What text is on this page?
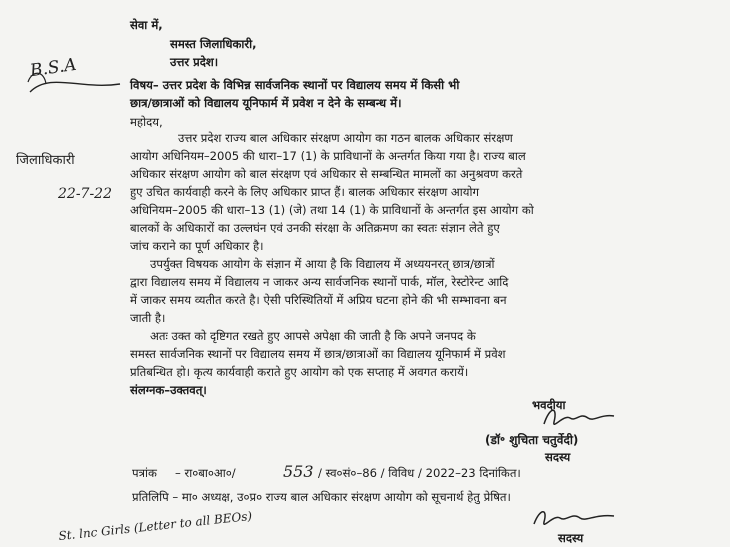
सेवा में,
समस्त जिलाधिकारी,
उत्तर प्रदेश।
B.S.A
जिलाधिकारी
22-7-22
विषय– उत्तर प्रदेश के विभिन्न सार्वजनिक स्थानों पर विद्यालय समय में किसी भी
छात्र/छात्राओं को विद्यालय यूनिफार्म में प्रवेश न देने के सम्बन्ध में।
महोदय,
उत्तर प्रदेश राज्य बाल अधिकार संरक्षण आयोग का गठन बालक अधिकार संरक्षण
आयोग अधिनियम–2005 की धारा–17 (1) के प्राविधानों के अन्तर्गत किया गया है। राज्य बाल
अधिकार संरक्षण आयोग को बाल संरक्षण एवं अधिकार से सम्बन्धित मामलों का अनुश्रवण करते
हुए उचित कार्यवाही करने के लिए अधिकार प्राप्त हैं। बालक अधिकार संरक्षण आयोग
अधिनियम–2005 की धारा–13 (1) (जे) तथा 14 (1) के प्राविधानों के अन्तर्गत इस आयोग को
बालकों के अधिकारों का उल्लघंन एवं उनकी संरक्षा के अतिक्रमण का स्वतः संज्ञान लेते हुए
जांच कराने का पूर्ण अधिकार है।
उपर्युक्त विषयक आयोग के संज्ञान में आया है कि विद्यालय में अध्ययनरत् छात्र/छात्रों
द्वारा विद्यालय समय में विद्यालय न जाकर अन्य सार्वजनिक स्थानों पार्क, मॉल, रेस्टोरेन्ट आदि
में जाकर समय व्यतीत करते है। ऐसी परिस्थितियों में अप्रिय घटना होने की भी सम्भावना बन
जाती है।
अतः उक्त को दृष्टिगत रखते हुए आपसे अपेक्षा की जाती है कि अपने जनपद के
समस्त सार्वजनिक स्थानों पर विद्यालय समय में छात्र/छात्राओं का विद्यालय यूनिफार्म में प्रवेश
प्रतिबन्धित हो। कृत्य कार्यवाही कराते हुए आयोग को एक सप्ताह में अवगत करायें।
संलग्नक–उक्तवत्।
भवदीया
(डॉ॰ शुचिता चतुर्वेदी)
सदस्य
पत्रांक – रा०बा०आ०/	553 / स्व०सं०–86 / विविध / 2022–23 दिनांकित।
प्रतिलिपि – मा० अध्यक्ष, उ०प्र० राज्य बाल अधिकार संरक्षण आयोग को सूचनार्थ हेतु प्रेषित।
St. lnc Girls (Letter to all BEOs)	सदस्य
